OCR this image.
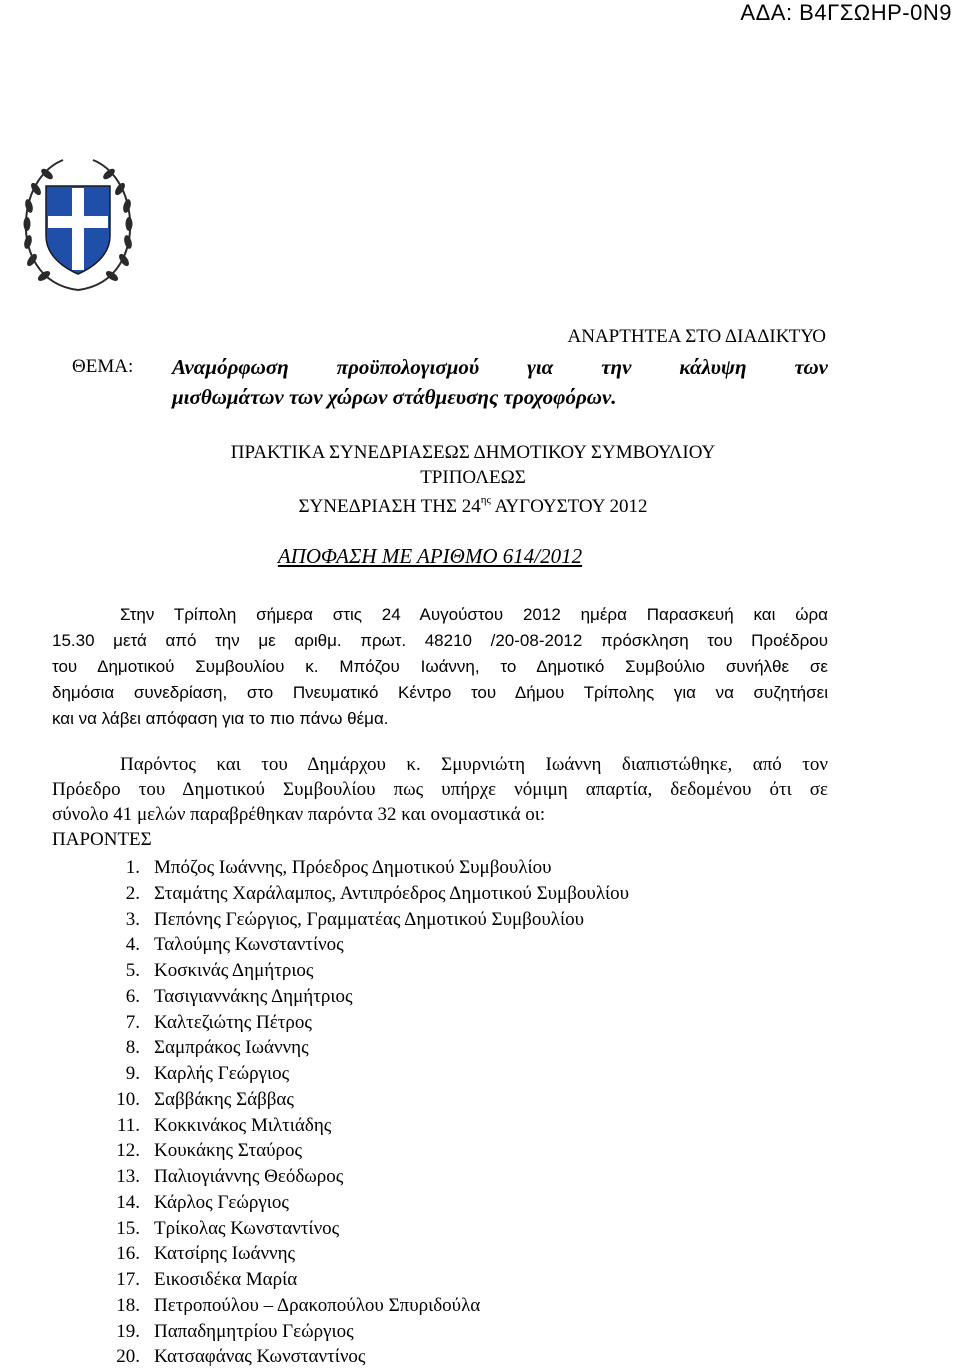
ΑΔΑ: Β4ΓΣΩΗΡ-0Ν9
ΑΝΑΡΤΗΤΕΑ ΣΤΟ ΔΙΑΔΙΚΤΥΟ
ΘΕΜΑ: Αναμόρφωση προϋπολογισμού για την κάλυψη των
μισθωμάτων των χώρων στάθμευσης τροχοφόρων.
ΠΡΑΚΤΙΚΑ ΣΥΝΕΔΡΙΑΣΕΩΣ ΔΗΜΟΤΙΚΟΥ ΣΥΜΒΟΥΛΙΟΥ
ΤΡΙΠΟΛΕΩΣ
ΣΥΝΕΔΡΙΑΣΗ ΤΗΣ $24^{\eta\varsigma}$ ΑΥΓΟΥΣΤΟΥ 2012
ΑΠΟΦΑΣΗ ΜΕ ΑΡΙΘΜΟ 614/2012
Στην Τρίπολη σήμερα στις 24 Αυγούστου 2012 ημέρα Παρασκευή και ώρα
15.30 μετά από την με αριθμ. πρωτ. 48210 /20-08-2012 πρόσκληση του Προέδρου
του Δημοτικού Συμβουλίου κ. Μπόζου Ιωάννη, το Δημοτικό Συμβούλιο συνήλθε σε
δημόσια συνεδρίαση, στο Πνευματικό Κέντρο του Δήμου Τρίπολης για να συζητήσει
και να λάβει απόφαση για το πιο πάνω θέμα.
Παρόντος και του Δημάρχου κ. Σμυρνιώτη Ιωάννη διαπιστώθηκε, από τον
Πρόεδρο του Δημοτικού Συμβουλίου πως υπήρχε νόμιμη απαρτία, δεδομένου ότι σε
σύνολο 41 μελών παραβρέθηκαν παρόντα 32 και ονομαστικά οι:
ΠΑΡΟΝΤΕΣ
1. Μπόζος Ιωάννης, Πρόεδρος Δημοτικού Συμβουλίου
2. Σταμάτης Χαράλαμπος, Αντιπρόεδρος Δημοτικού Συμβουλίου
3. Πεπόνης Γεώργιος, Γραμματέας Δημοτικού Συμβουλίου
4. Ταλούμης Κωνσταντίνος
5. Κοσκινάς Δημήτριος
6. Τασιγιαννάκης Δημήτριος
7. Καλτεζιώτης Πέτρος
8. Σαμπράκος Ιωάννης
9. Καρλής Γεώργιος
10. Σαββάκης Σάββας
11. Κοκκινάκος Μιλτιάδης
12. Κουκάκης Σταύρος
13. Παλιογιάννης Θεόδωρος
14. Κάρλος Γεώργιος
15. Τρίκολας Κωνσταντίνος
16. Κατσίρης Ιωάννης
17. Εικοσιδέκα Μαρία
18. Πετροπούλου – Δρακοπούλου Σπυριδούλα
19. Παπαδημητρίου Γεώργιος
20. Κατσαφάνας Κωνσταντίνος
